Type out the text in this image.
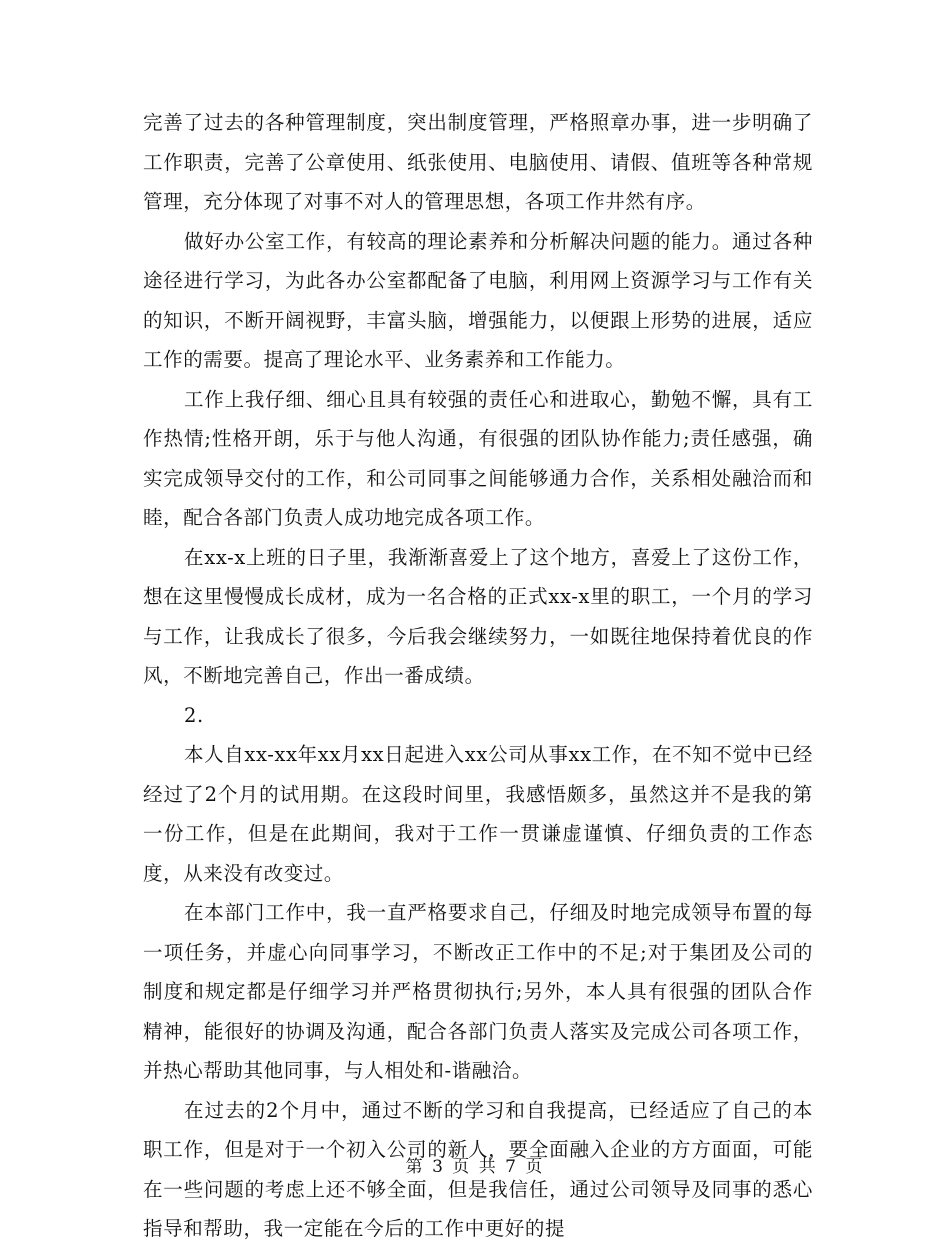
完善了过去的各种管理制度，突出制度管理，严格照章办事，进一步明确了工作职责，完善了公章使用、纸张使用、电脑使用、请假、值班等各种常规管理，充分体现了对事不对人的管理思想，各项工作井然有序。

做好办公室工作，有较高的理论素养和分析解决问题的能力。通过各种途径进行学习，为此各办公室都配备了电脑，利用网上资源学习与工作有关的知识，不断开阔视野，丰富头脑，增强能力，以便跟上形势的进展，适应工作的需要。提高了理论水平、业务素养和工作能力。

工作上我仔细、细心且具有较强的责任心和进取心，勤勉不懈，具有工作热情;性格开朗，乐于与他人沟通，有很强的团队协作能力;责任感强，确实完成领导交付的工作，和公司同事之间能够通力合作，关系相处融洽而和睦，配合各部门负责人成功地完成各项工作。

在xx-x上班的日子里，我渐渐喜爱上了这个地方，喜爱上了这份工作，想在这里慢慢成长成材，成为一名合格的正式xx-x里的职工，一个月的学习与工作，让我成长了很多，今后我会继续努力，一如既往地保持着优良的作风，不断地完善自己，作出一番成绩。

2.

本人自xx-xx年xx月xx日起进入xx公司从事xx工作，在不知不觉中已经经过了2个月的试用期。在这段时间里，我感悟颇多，虽然这并不是我的第一份工作，但是在此期间，我对于工作一贯谦虚谨慎、仔细负责的工作态度，从来没有改变过。

在本部门工作中，我一直严格要求自己，仔细及时地完成领导布置的每一项任务，并虚心向同事学习，不断改正工作中的不足;对于集团及公司的制度和规定都是仔细学习并严格贯彻执行;另外，本人具有很强的团队合作精神，能很好的协调及沟通，配合各部门负责人落实及完成公司各项工作，并热心帮助其他同事，与人相处和-谐融洽。

在过去的2个月中，通过不断的学习和自我提高，已经适应了自己的本职工作，但是对于一个初入公司的新人，要全面融入企业的方方面面，可能在一些问题的考虑上还不够全面，但是我信任，通过公司领导及同事的悉心指导和帮助，我一定能在今后的工作中更好的提

第 3 页 共 7 页
